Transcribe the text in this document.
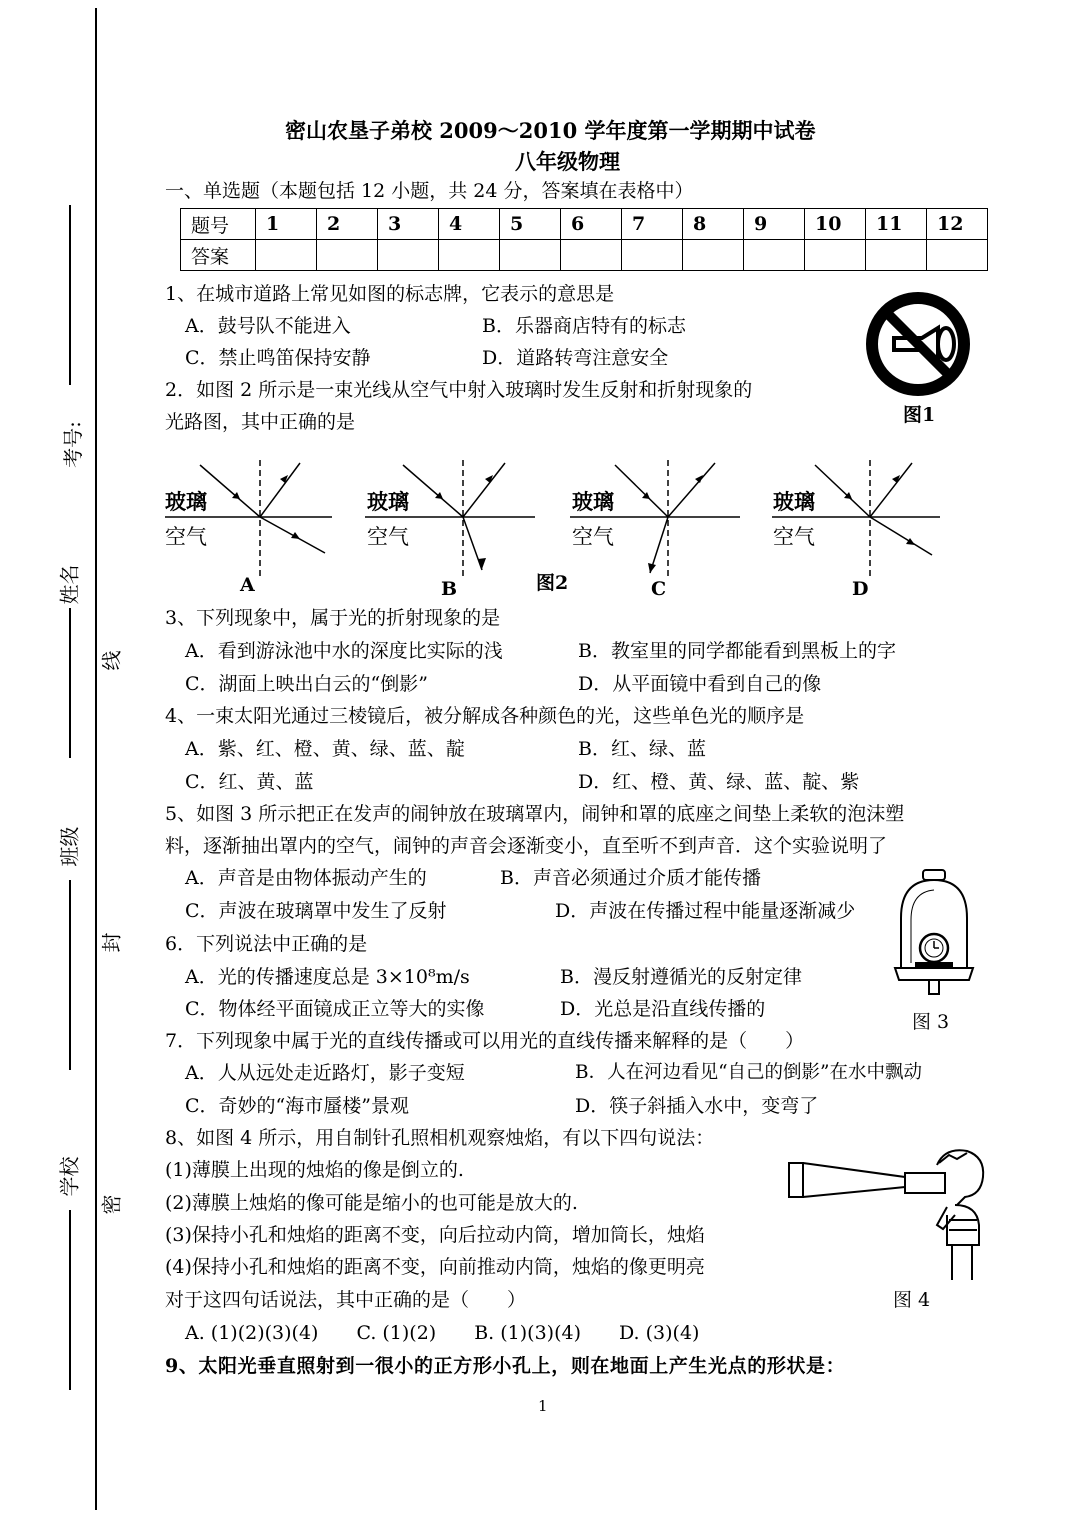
考号:
姓名
班级
学校
线
封
密
密山农垦子弟校 2009～2010 学年度第一学期期中试卷
八年级物理
一、单选题（本题包括 12 小题，共 24 分，答案填在表格中）
题号	1	2	3	4	5	6	7	8	9	10	11	12
答案												
1、在城市道路上常见如图的标志牌，它表示的意思是
A．鼓号队不能进入	B．乐器商店特有的标志
C．禁止鸣笛保持安静	D．道路转弯注意安全
图1
2．如图 2 所示是一束光线从空气中射入玻璃时发生反射和折射现象的
光路图，其中正确的是
玻璃
空气
玻璃
空气
玻璃
空气
玻璃
空气
A	B	图2	C	D
3、下列现象中，属于光的折射现象的是
A．看到游泳池中水的深度比实际的浅	B．教室里的同学都能看到黑板上的字
C．湖面上映出白云的“倒影”	D．从平面镜中看到自己的像
4、一束太阳光通过三棱镜后，被分解成各种颜色的光，这些单色光的顺序是
A．紫、红、橙、黄、绿、蓝、靛	B．红、绿、蓝
C．红、黄、蓝	D．红、橙、黄、绿、蓝、靛、紫
5、如图 3 所示把正在发声的闹钟放在玻璃罩内，闹钟和罩的底座之间垫上柔软的泡沫塑
料，逐渐抽出罩内的空气，闹钟的声音会逐渐变小，直至听不到声音．这个实验说明了
A．声音是由物体振动产生的	B．声音必须通过介质才能传播
C．声波在玻璃罩中发生了反射	D．声波在传播过程中能量逐渐减少
图 3
6．下列说法中正确的是
A．光的传播速度总是 3×10⁸m/s	B．漫反射遵循光的反射定律
C．物体经平面镜成正立等大的实像	D．光总是沿直线传播的
7．下列现象中属于光的直线传播或可以用光的直线传播来解释的是（　　）
A．人从远处走近路灯，影子变短	B．人在河边看见“自己的倒影”在水中飘动
C．奇妙的“海市蜃楼”景观	D．筷子斜插入水中，变弯了
8、如图 4 所示，用自制针孔照相机观察烛焰，有以下四句说法：
(1)薄膜上出现的烛焰的像是倒立的.
(2)薄膜上烛焰的像可能是缩小的也可能是放大的.
(3)保持小孔和烛焰的距离不变，向后拉动内筒，增加筒长，烛焰
(4)保持小孔和烛焰的距离不变，向前推动内筒，烛焰的像更明亮
对于这四句话说法，其中正确的是（　　）
A. (1)(2)(3)(4)　　C. (1)(2)　　B. (1)(3)(4)　　D. (3)(4)
图 4
9、太阳光垂直照射到一很小的正方形小孔上，则在地面上产生光点的形状是：
1
